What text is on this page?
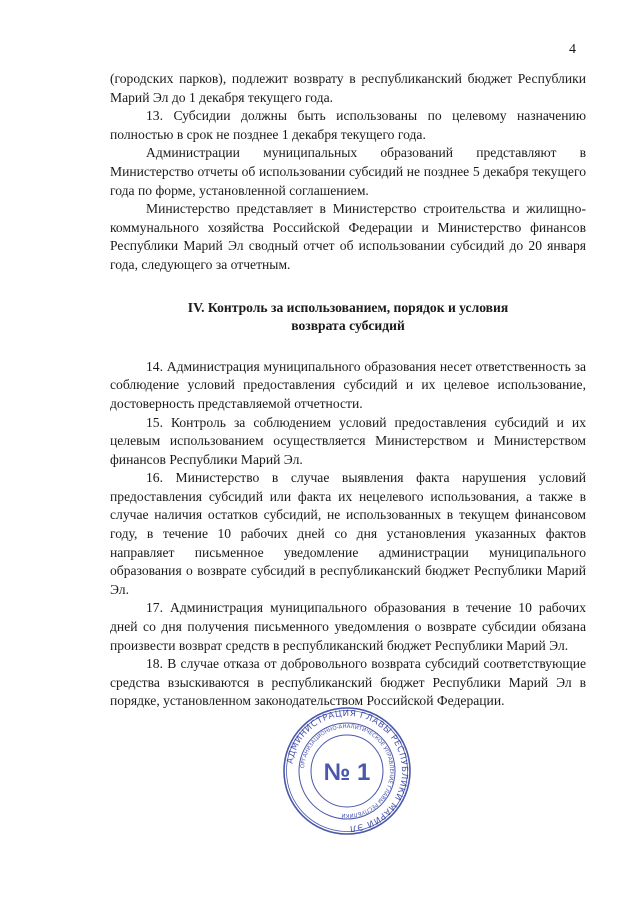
4

(городских парков), подлежит возврату в республиканский бюджет Республики Марий Эл до 1 декабря текущего года.

13. Субсидии должны быть использованы по целевому назначению полностью в срок не позднее 1 декабря текущего года.

Администрации муниципальных образований представляют в Министерство отчеты об использовании субсидий не позднее 5 декабря текущего года по форме, установленной соглашением.

Министерство представляет в Министерство строительства и жилищно-коммунального хозяйства Российской Федерации и Министерство финансов Республики Марий Эл сводный отчет об использовании субсидий до 20 января года, следующего за отчетным.

IV. Контроль за использованием, порядок и условия
возврата субсидий

14. Администрация муниципального образования несет ответственность за соблюдение условий предоставления субсидий и их целевое использование, достоверность представляемой отчетности.

15. Контроль за соблюдением условий предоставления субсидий и их целевым использованием осуществляется Министерством и Министерством финансов Республики Марий Эл.

16. Министерство в случае выявления факта нарушения условий предоставления субсидий или факта их нецелевого использования, а также в случае наличия остатков субсидий, не использованных в текущем финансовом году, в течение 10 рабочих дней со дня установления указанных фактов направляет письменное уведомление администрации муниципального образования о возврате субсидий в республиканский бюджет Республики Марий Эл.

17. Администрация муниципального образования в течение 10 рабочих дней со дня получения письменного уведомления о возврате субсидии обязана произвести возврат средств в республиканский бюджет Республики Марий Эл.

18. В случае отказа от добровольного возврата субсидий соответствующие средства взыскиваются в республиканский бюджет Республики Марий Эл в порядке, установленном законодательством Российской Федерации.

АДМИНИСТРАЦИЯ ГЛАВЫ РЕСПУБЛИКИ МАРИЙ ЭЛ
ОРГАНИЗАЦИОННО-АНАЛИТИЧЕСКОЕ УПРАВЛЕНИЕ ГЛАВЫ РЕСПУБЛИКИ
№ 1
